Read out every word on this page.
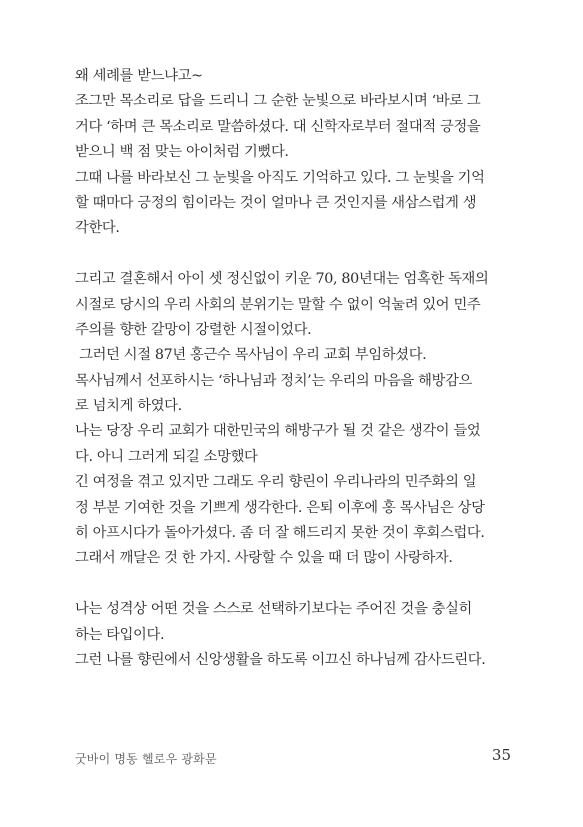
왜 세례를 받느냐고~
조그만 목소리로 답을 드리니 그 순한 눈빛으로 바라보시며 ‘바로 그
거다 ‘하며 큰 목소리로 말씀하셨다. 대 신학자로부터 절대적 긍정을
받으니 백 점 맞는 아이처럼 기뻤다.
그때 나를 바라보신 그 눈빛을 아직도 기억하고 있다. 그 눈빛을 기억
할 때마다 긍정의 힘이라는 것이 얼마나 큰 것인지를 새삼스럽게 생
각한다.

그리고 결혼해서 아이 셋 정신없이 키운 70, 80년대는 엄혹한 독재의
시절로 당시의 우리 사회의 분위기는 말할 수 없이 억눌려 있어 민주
주의를 향한 갈망이 강렬한 시절이었다.
그러던 시절 87년 홍근수 목사님이 우리 교회 부임하셨다.
목사님께서 선포하시는 ‘하나님과 정치’는 우리의 마음을 해방감으
로 넘치게 하였다.
나는 당장 우리 교회가 대한민국의 해방구가 될 것 같은 생각이 들었
다. 아니 그러게 되길 소망했다
긴 여정을 겪고 있지만 그래도 우리 향린이 우리나라의 민주화의 일
정 부분 기여한 것을 기쁘게 생각한다. 은퇴 이후에 홍 목사님은 상당
히 아프시다가 돌아가셨다. 좀 더 잘 해드리지 못한 것이 후회스럽다.
그래서 깨달은 것 한 가지. 사랑할 수 있을 때 더 많이 사랑하자.

나는 성격상 어떤 것을 스스로 선택하기보다는 주어진 것을 충실히
하는 타입이다.
그런 나를 향린에서 신앙생활을 하도록 이끄신 하나님께 감사드린다.

굿바이 명동 헬로우 광화문	35
